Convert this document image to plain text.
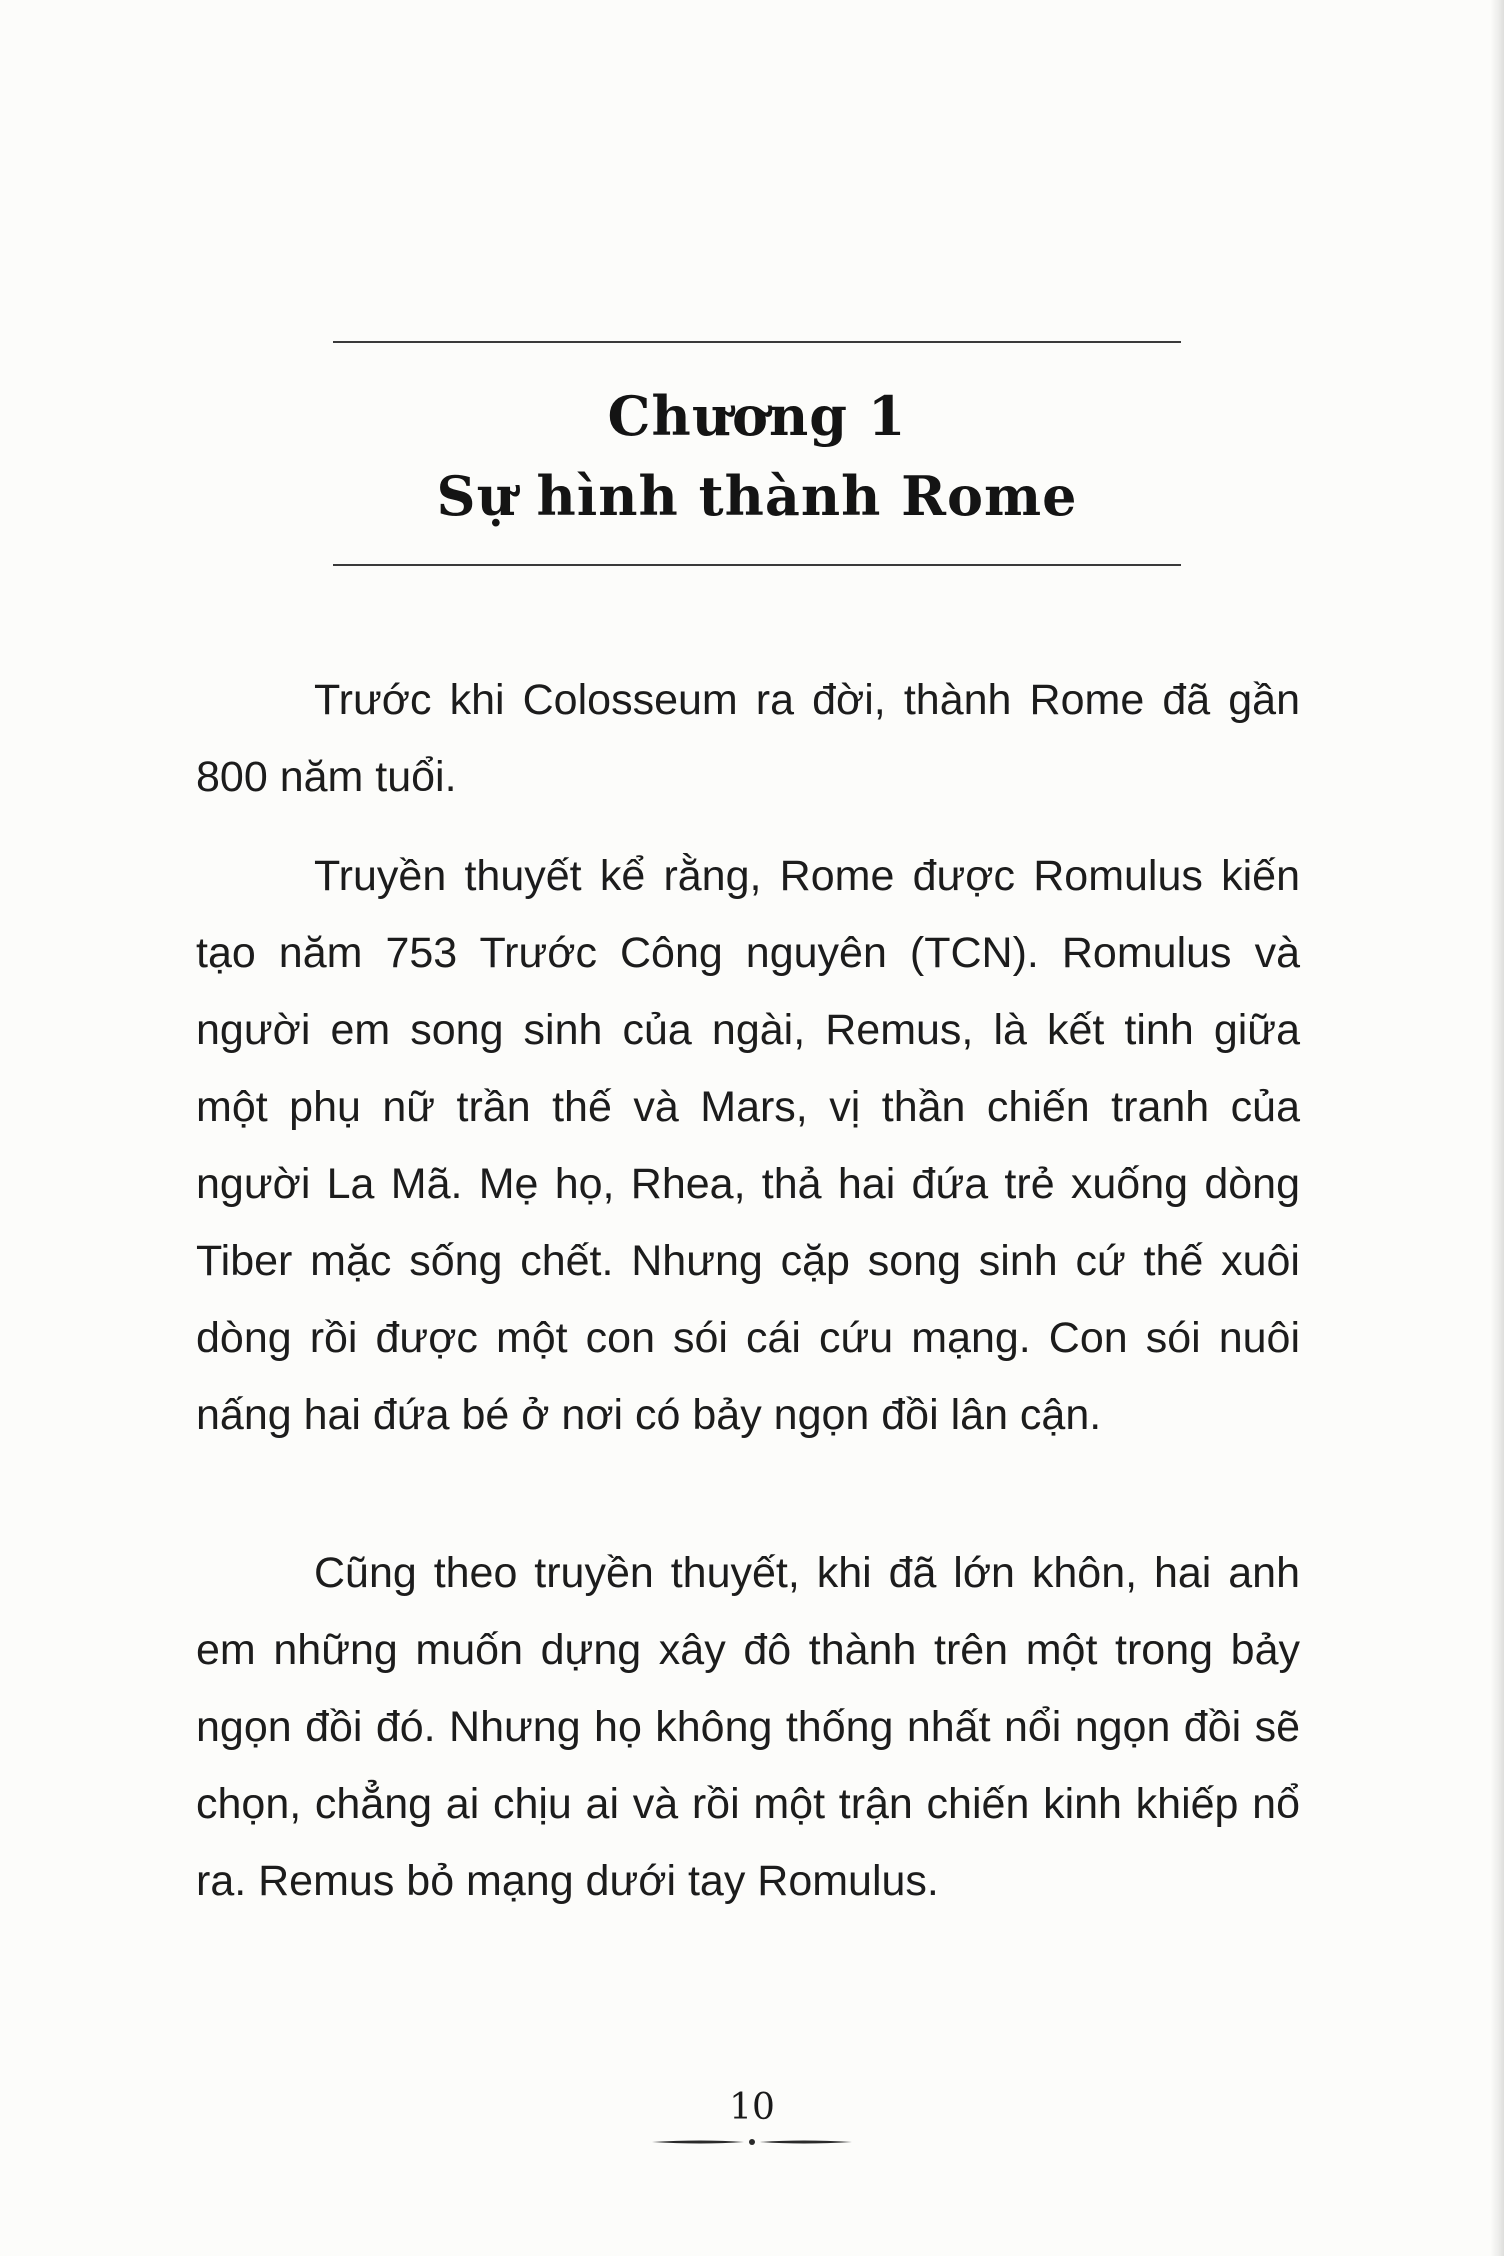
Chương 1
Sự hình thành Rome

Trước khi Colosseum ra đời, thành Rome đã gần 800 năm tuổi.

Truyền thuyết kể rằng, Rome được Romulus kiến tạo năm 753 Trước Công nguyên (TCN). Romulus và người em song sinh của ngài, Remus, là kết tinh giữa một phụ nữ trần thế và Mars, vị thần chiến tranh của người La Mã. Mẹ họ, Rhea, thả hai đứa trẻ xuống dòng Tiber mặc sống chết. Nhưng cặp song sinh cứ thế xuôi dòng rồi được một con sói cái cứu mạng. Con sói nuôi nấng hai đứa bé ở nơi có bảy ngọn đồi lân cận.

Cũng theo truyền thuyết, khi đã lớn khôn, hai anh em những muốn dựng xây đô thành trên một trong bảy ngọn đồi đó. Nhưng họ không thống nhất nổi ngọn đồi sẽ chọn, chẳng ai chịu ai và rồi một trận chiến kinh khiếp nổ ra. Remus bỏ mạng dưới tay Romulus.

10
